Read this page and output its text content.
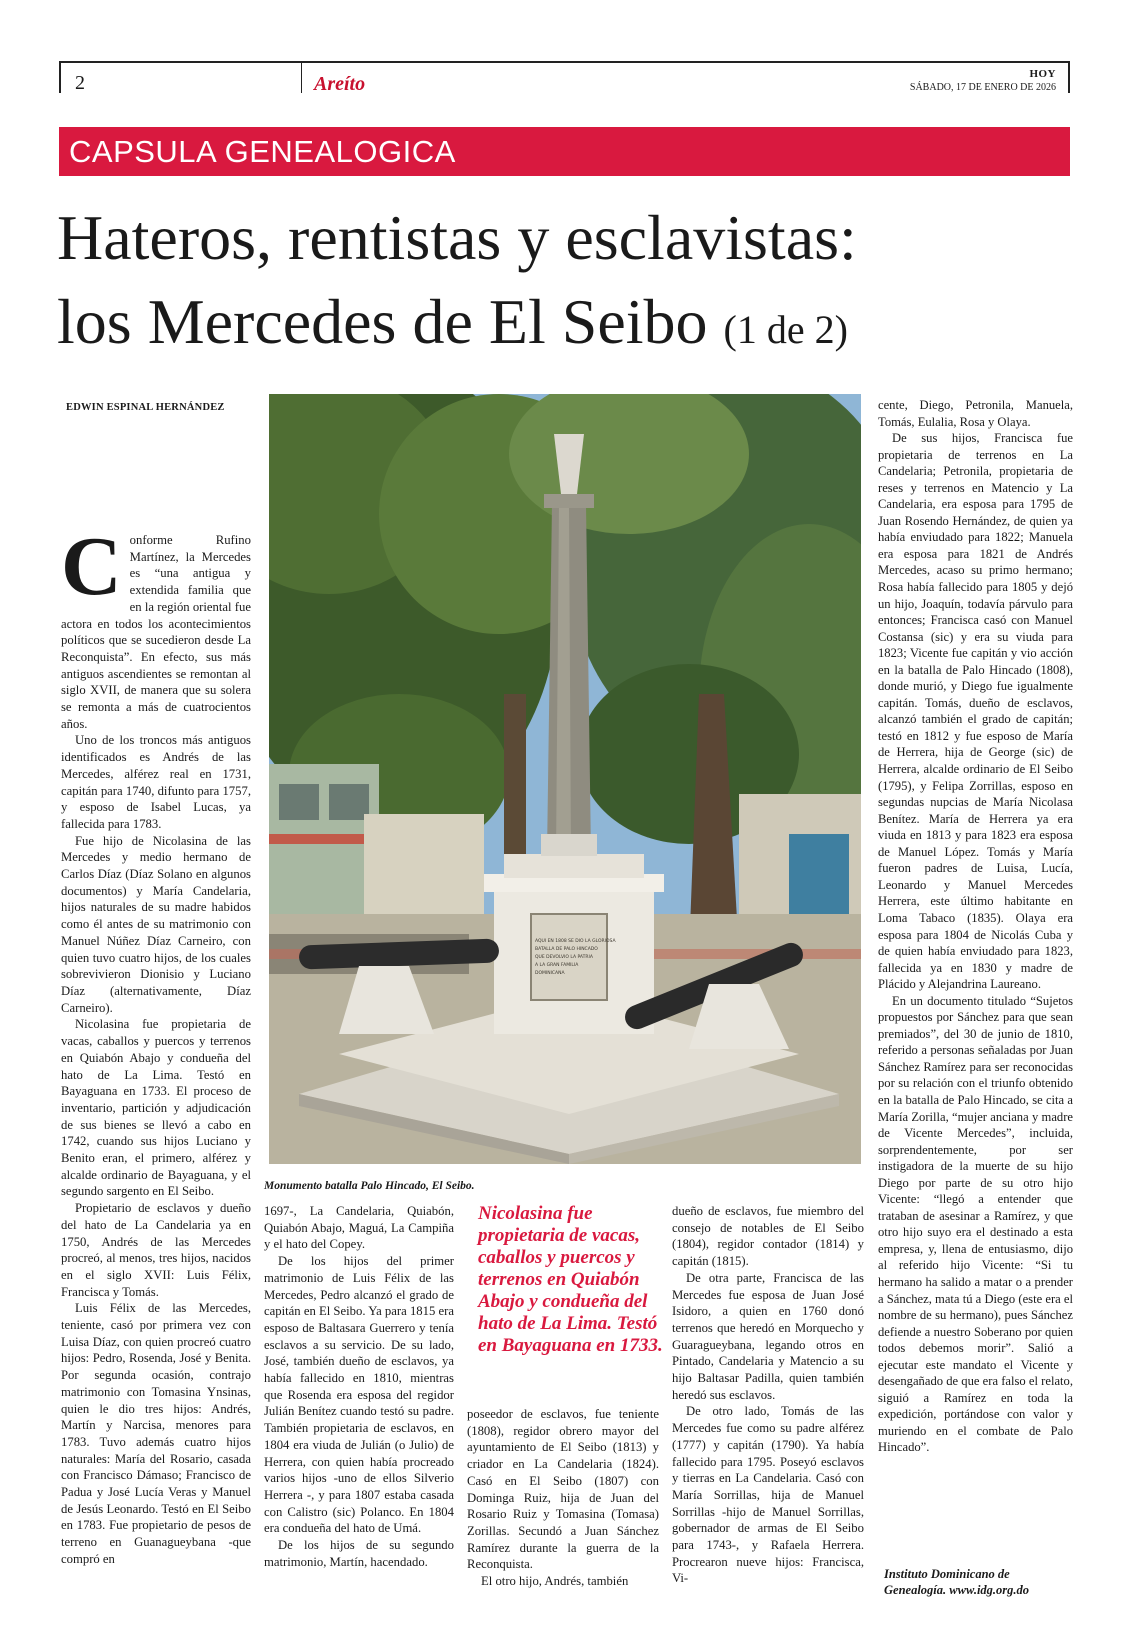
2	Areíto	HOY
SÁBADO, 17 DE ENERO DE 2026
CAPSULA GENEALOGICA
Hateros, rentistas y esclavistas:
los Mercedes de El Seibo (1 de 2)
EDWIN ESPINAL HERNÁNDEZ

Conforme Rufino Martínez, la Mercedes es “una antigua y extendida familia que en la región oriental fue actora en todos los acontecimientos políticos que se sucedieron desde La Reconquista”. En efecto, sus más antiguos ascendientes se remontan al siglo XVII, de manera que su solera se remonta a más de cuatrocientos años.

Uno de los troncos más antiguos identificados es Andrés de las Mercedes, alférez real en 1731, capitán para 1740, difunto para 1757, y esposo de Isabel Lucas, ya fallecida para 1783.

Fue hijo de Nicolasina de las Mercedes y medio hermano de Carlos Díaz (Díaz Solano en algunos documentos) y María Candelaria, hijos naturales de su madre habidos como él antes de su matrimonio con Manuel Núñez Díaz Carneiro, con quien tuvo cuatro hijos, de los cuales sobrevivieron Dionisio y Luciano Díaz (alternativamente, Díaz Carneiro).

Nicolasina fue propietaria de vacas, caballos y puercos y terrenos en Quiabón Abajo y condueña del hato de La Lima. Testó en Bayaguana en 1733. El proceso de inventario, partición y adjudicación de sus bienes se llevó a cabo en 1742, cuando sus hijos Luciano y Benito eran, el primero, alférez y alcalde ordinario de Bayaguana, y el segundo sargento en El Seibo.

Propietario de esclavos y dueño del hato de La Candelaria ya en 1750, Andrés de las Mercedes procreó, al menos, tres hijos, nacidos en el siglo XVII: Luis Félix, Francisca y Tomás.

Luis Félix de las Mercedes, teniente, casó por primera vez con Luisa Díaz, con quien procreó cuatro hijos: Pedro, Rosenda, José y Benita. Por segunda ocasión, contrajo matrimonio con Tomasina Ynsinas, quien le dio tres hijos: Andrés, Martín y Narcisa, menores para 1783. Tuvo además cuatro hijos naturales: María del Rosario, casada con Francisco Dámaso; Francisco de Padua y José Lucía Veras y Manuel de Jesús Leonardo. Testó en El Seibo en 1783. Fue propietario de pesos de terreno en Guanagueybana -que compró en

AQUI EN 1808 SE DIO LA GLORIOSA
BATALLA DE PALO HINCADO
QUE DEVOLVIO LA PATRIA
A LA GRAN FAMILIA
DOMINICANA
Monumento batalla Palo Hincado, El Seibo.

1697-, La Candelaria, Quiabón, Quiabón Abajo, Maguá, La Campiña y el hato del Copey.

De los hijos del primer matrimonio de Luis Félix de las Mercedes, Pedro alcanzó el grado de capitán en El Seibo. Ya para 1815 era esposo de Baltasara Guerrero y tenía esclavos a su servicio. De su lado, José, también dueño de esclavos, ya había fallecido en 1810, mientras que Rosenda era esposa del regidor Julián Benítez cuando testó su padre. También propietaria de esclavos, en 1804 era viuda de Julián (o Julio) de Herrera, con quien había procreado varios hijos -uno de ellos Silverio Herrera -, y para 1807 estaba casada con Calistro (sic) Polanco. En 1804 era condueña del hato de Umá.

De los hijos de su segundo matrimonio, Martín, hacendado.

Nicolasina fue propietaria de vacas, caballos y puercos y terrenos en Quiabón Abajo y condueña del hato de La Lima. Testó en Bayaguana en 1733.

poseedor de esclavos, fue teniente (1808), regidor obrero mayor del ayuntamiento de El Seibo (1813) y criador en La Candelaria (1824). Casó en El Seibo (1807) con Dominga Ruiz, hija de Juan del Rosario Ruiz y Tomasina (Tomasa) Zorillas. Secundó a Juan Sánchez Ramírez durante la guerra de la Reconquista.

El otro hijo, Andrés, también

dueño de esclavos, fue miembro del consejo de notables de El Seibo (1804), regidor contador (1814) y capitán (1815).

De otra parte, Francisca de las Mercedes fue esposa de Juan José Isidoro, a quien en 1760 donó terrenos que heredó en Morquecho y Guaragueybana, legando otros en Pintado, Candelaria y Matencio a su hijo Baltasar Padilla, quien también heredó sus esclavos.

De otro lado, Tomás de las Mercedes fue como su padre alférez (1777) y capitán (1790). Ya había fallecido para 1795. Poseyó esclavos y tierras en La Candelaria. Casó con María Sorrillas, hija de Manuel Sorrillas -hijo de Manuel Sorrillas, gobernador de armas de El Seibo para 1743-, y Rafaela Herrera. Procrearon nueve hijos: Francisca, Vi-

cente, Diego, Petronila, Manuela, Tomás, Eulalia, Rosa y Olaya.

De sus hijos, Francisca fue propietaria de terrenos en La Candelaria; Petronila, propietaria de reses y terrenos en Matencio y La Candelaria, era esposa para 1795 de Juan Rosendo Hernández, de quien ya había enviudado para 1822; Manuela era esposa para 1821 de Andrés Mercedes, acaso su primo hermano; Rosa había fallecido para 1805 y dejó un hijo, Joaquín, todavía párvulo para entonces; Francisca casó con Manuel Costansa (sic) y era su viuda para 1823; Vicente fue capitán y vio acción en la batalla de Palo Hincado (1808), donde murió, y Diego fue igualmente capitán. Tomás, dueño de esclavos, alcanzó también el grado de capitán; testó en 1812 y fue esposo de María de Herrera, hija de George (sic) de Herrera, alcalde ordinario de El Seibo (1795), y Felipa Zorrillas, esposo en segundas nupcias de María Nicolasa Benítez. María de Herrera ya era viuda en 1813 y para 1823 era esposa de Manuel López. Tomás y María fueron padres de Luisa, Lucía, Leonardo y Manuel Mercedes Herrera, este último habitante en Loma Tabaco (1835). Olaya era esposa para 1804 de Nicolás Cuba y de quien había enviudado para 1823, fallecida ya en 1830 y madre de Plácido y Alejandrina Laureano.

En un documento titulado “Sujetos propuestos por Sánchez para que sean premiados”, del 30 de junio de 1810, referido a personas señaladas por Juan Sánchez Ramírez para ser reconocidas por su relación con el triunfo obtenido en la batalla de Palo Hincado, se cita a María Zorilla, “mujer anciana y madre de Vicente Mercedes”, incluida, sorprendentemente, por ser instigadora de la muerte de su hijo Diego por parte de su otro hijo Vicente: “llegó a entender que trataban de asesinar a Ramírez, y que otro hijo suyo era el destinado a esta empresa, y, llena de entusiasmo, dijo al referido hijo Vicente: “Si tu hermano ha salido a matar o a prender a Sánchez, mata tú a Diego (este era el nombre de su hermano), pues Sánchez defiende a nuestro Soberano por quien todos debemos morir”. Salió a ejecutar este mandato el Vicente y desengañado de que era falso el relato, siguió a Ramírez en toda la expedición, portándose con valor y muriendo en el combate de Palo Hincado”.

Instituto Dominicano de
Genealogía. www.idg.org.do
